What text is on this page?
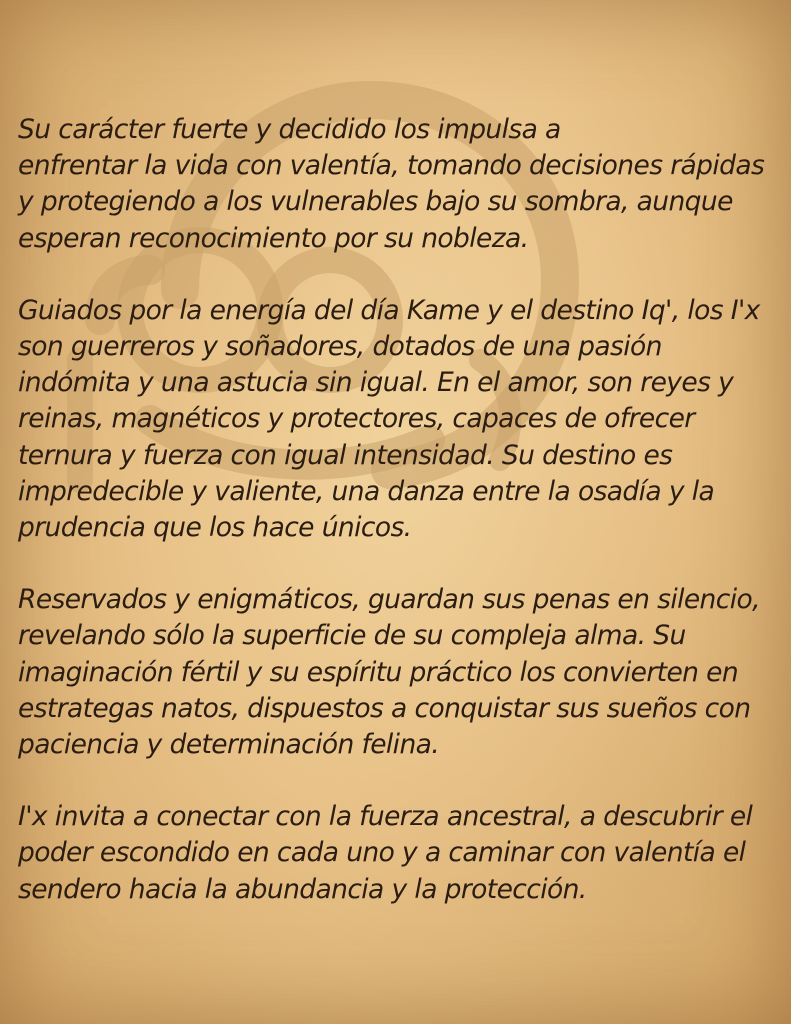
Su carácter fuerte y decidido los impulsa a
enfrentar la vida con valentía, tomando decisiones rápidas
y protegiendo a los vulnerables bajo su sombra, aunque
esperan reconocimiento por su nobleza.

Guiados por la energía del día Kame y el destino Iq', los I'x
son guerreros y soñadores, dotados de una pasión
indómita y una astucia sin igual. En el amor, son reyes y
reinas, magnéticos y protectores, capaces de ofrecer
ternura y fuerza con igual intensidad. Su destino es
impredecible y valiente, una danza entre la osadía y la
prudencia que los hace únicos.

Reservados y enigmáticos, guardan sus penas en silencio,
revelando sólo la superficie de su compleja alma. Su
imaginación fértil y su espíritu práctico los convierten en
estrategas natos, dispuestos a conquistar sus sueños con
paciencia y determinación felina.

I'x invita a conectar con la fuerza ancestral, a descubrir el
poder escondido en cada uno y a caminar con valentía el
sendero hacia la abundancia y la protección.
